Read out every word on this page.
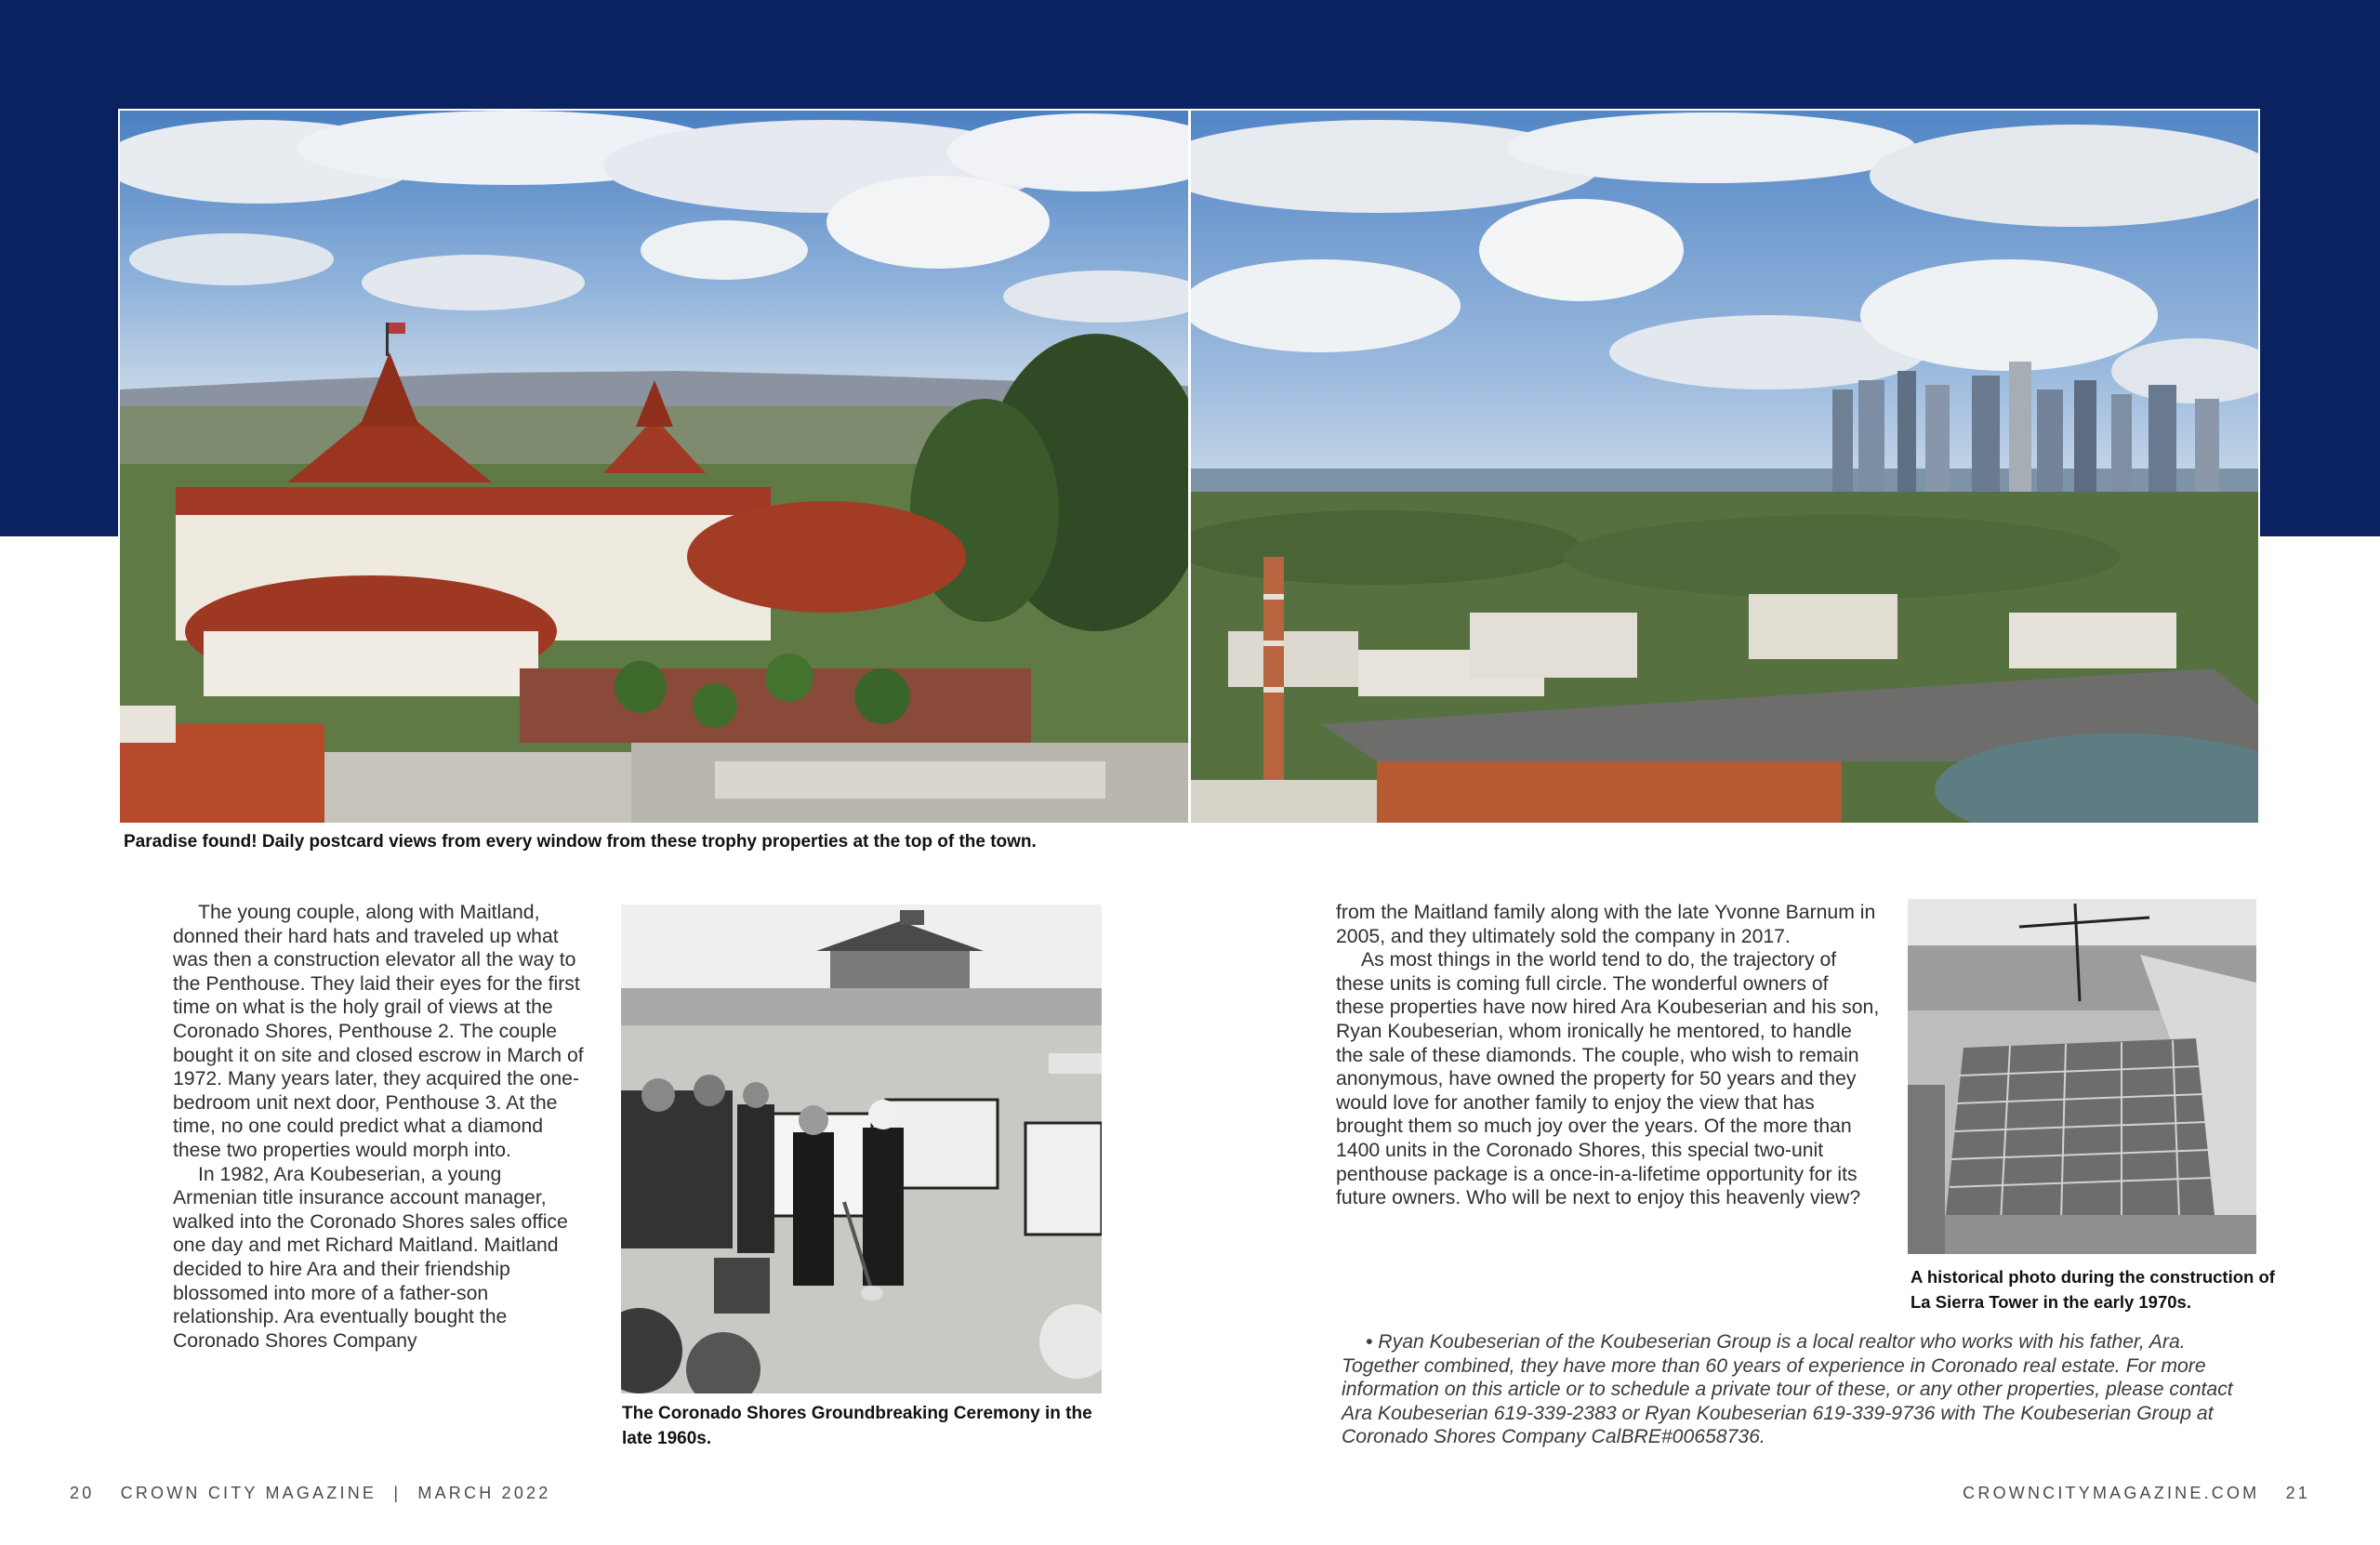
Paradise found! Daily postcard views from every window from these trophy properties at the top of the town.

The young couple, along with Maitland, donned their hard hats and traveled up what was then a construction elevator all the way to the Penthouse. They laid their eyes for the first time on what is the holy grail of views at the Coronado Shores, Penthouse 2. The couple bought it on site and closed escrow in March of 1972. Many years later, they acquired the one-bedroom unit next door, Penthouse 3. At the time, no one could predict what a diamond these two properties would morph into.

In 1982, Ara Koubeserian, a young Armenian title insurance account manager, walked into the Coronado Shores sales office one day and met Richard Maitland. Maitland decided to hire Ara and their friendship blossomed into more of a father-son relationship. Ara eventually bought the Coronado Shores Company

The Coronado Shores Groundbreaking Ceremony in the late 1960s.

from the Maitland family along with the late Yvonne Barnum in 2005, and they ultimately sold the company in 2017.

As most things in the world tend to do, the trajectory of these units is coming full circle. The wonderful owners of these properties have now hired Ara Koubeserian and his son, Ryan Koubeserian, whom ironically he mentored, to handle the sale of these diamonds. The couple, who wish to remain anonymous, have owned the property for 50 years and they would love for another family to enjoy the view that has brought them so much joy over the years. Of the more than 1400 units in the Coronado Shores, this special two-unit penthouse package is a once-in-a-lifetime opportunity for its future owners. Who will be next to enjoy this heavenly view?

A historical photo during the construction of La Sierra Tower in the early 1970s.

• Ryan Koubeserian of the Koubeserian Group is a local realtor who works with his father, Ara. Together combined, they have more than 60 years of experience in Coronado real estate. For more information on this article or to schedule a private tour of these, or any other properties, please contact Ara Koubeserian 619-339-2383 or Ryan Koubeserian 619-339-9736 with The Koubeserian Group at Coronado Shores Company CalBRE#00658736.

20 CROWN CITY MAGAZINE | MARCH 2022	CROWNCITYMAGAZINE.COM 21
